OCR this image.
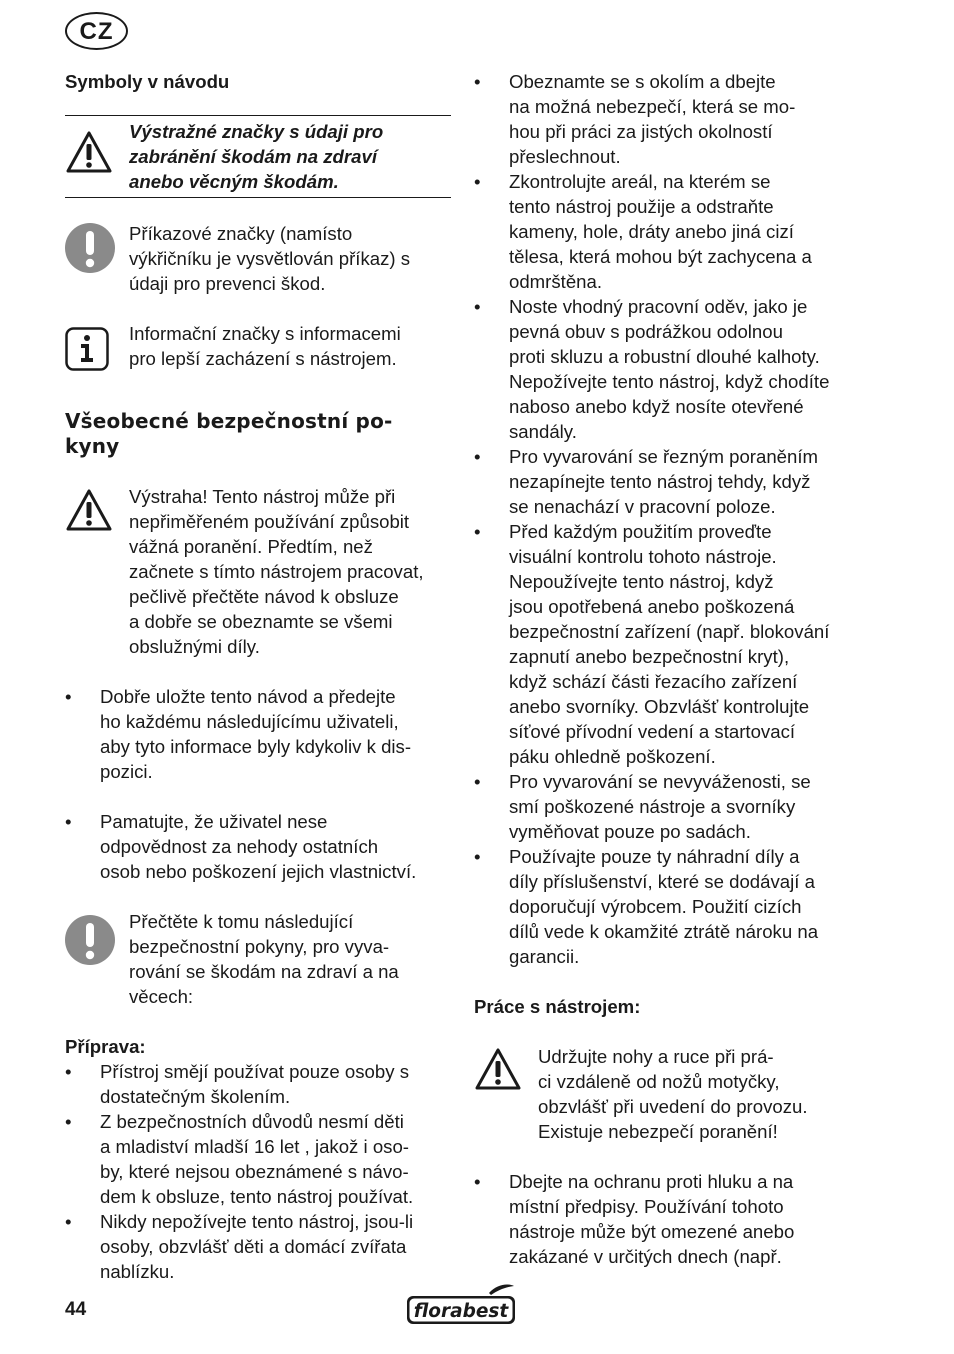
CZ
Symboly v návodu
Výstražné značky s údaji pro
zabránění škodám na zdraví
anebo věcným škodám.
Příkazové značky (namísto
výkřičníku je vysvětlován příkaz) s
údaji pro prevenci škod.
Informační značky s informacemi
pro lepší zacházení s nástrojem.
Všeobecné bezpečnostní po-
kyny
Výstraha! Tento nástroj může při
nepřiměřeném používání způsobit
vážná poranění. Předtím, než
začnete s tímto nástrojem pracovat,
pečlivě přečtěte návod k obsluze
a dobře se obeznamte se všemi
obslužnými díly.
• Dobře uložte tento návod a předejte
ho každému následujícímu uživateli,
aby tyto informace byly kdykoliv k dis-
pozici.
• Pamatujte, že uživatel nese
odpovědnost za nehody ostatních
osob nebo poškození jejich vlastnictví.
Přečtěte k tomu následující
bezpečnostní pokyny, pro vyva-
rování se škodám na zdraví a na
věcech:
Příprava:
• Přístroj smějí používat pouze osoby s
dostatečným školením.
• Z bezpečnostních důvodů nesmí děti
a mladiství mladší 16 let , jakož i oso-
by, které nejsou obeznámené s návo-
dem k obsluze, tento nástroj používat.
• Nikdy nepožívejte tento nástroj, jsou-li
osoby, obzvlášť děti a domácí zvířata
nablízku.
• Obeznamte se s okolím a dbejte
na možná nebezpečí, která se mo-
hou při práci za jistých okolností
přeslechnout.
• Zkontrolujte areál, na kterém se
tento nástroj použije a odstraňte
kameny, hole, dráty anebo jiná cizí
tělesa, která mohou být zachycena a
odmrštěna.
• Noste vhodný pracovní oděv, jako je
pevná obuv s podrážkou odolnou
proti skluzu a robustní dlouhé kalhoty.
Nepožívejte tento nástroj, když chodíte
naboso anebo když nosíte otevřené
sandály.
• Pro vyvarování se řezným poraněním
nezapínejte tento nástroj tehdy, když
se nenachází v pracovní poloze.
• Před každým použitím proveďte
visuální kontrolu tohoto nástroje.
Nepoužívejte tento nástroj, když
jsou opotřebená anebo poškozená
bezpečnostní zařízení (např. blokování
zapnutí anebo bezpečnostní kryt),
když schází části řezacího zařízení
anebo svorníky. Obzvlášť kontrolujte
síťové přívodní vedení a startovací
páku ohledně poškození.
• Pro vyvarování se nevyváženosti, se
smí poškozené nástroje a svorníky
vyměňovat pouze po sadách.
• Používajte pouze ty náhradní díly a
díly příslušenství, které se dodávají a
doporučují výrobcem. Použití cizích
dílů vede k okamžité ztrátě nároku na
garancii.
Práce s nástrojem:
Udržujte nohy a ruce při prá-
ci vzdáleně od nožů motyčky,
obzvlášť při uvedení do provozu.
Existuje nebezpečí poranění!
• Dbejte na ochranu proti hluku a na
místní předpisy. Používání tohoto
nástroje může být omezené anebo
zakázané v určitých dnech (např.
44	florabest
